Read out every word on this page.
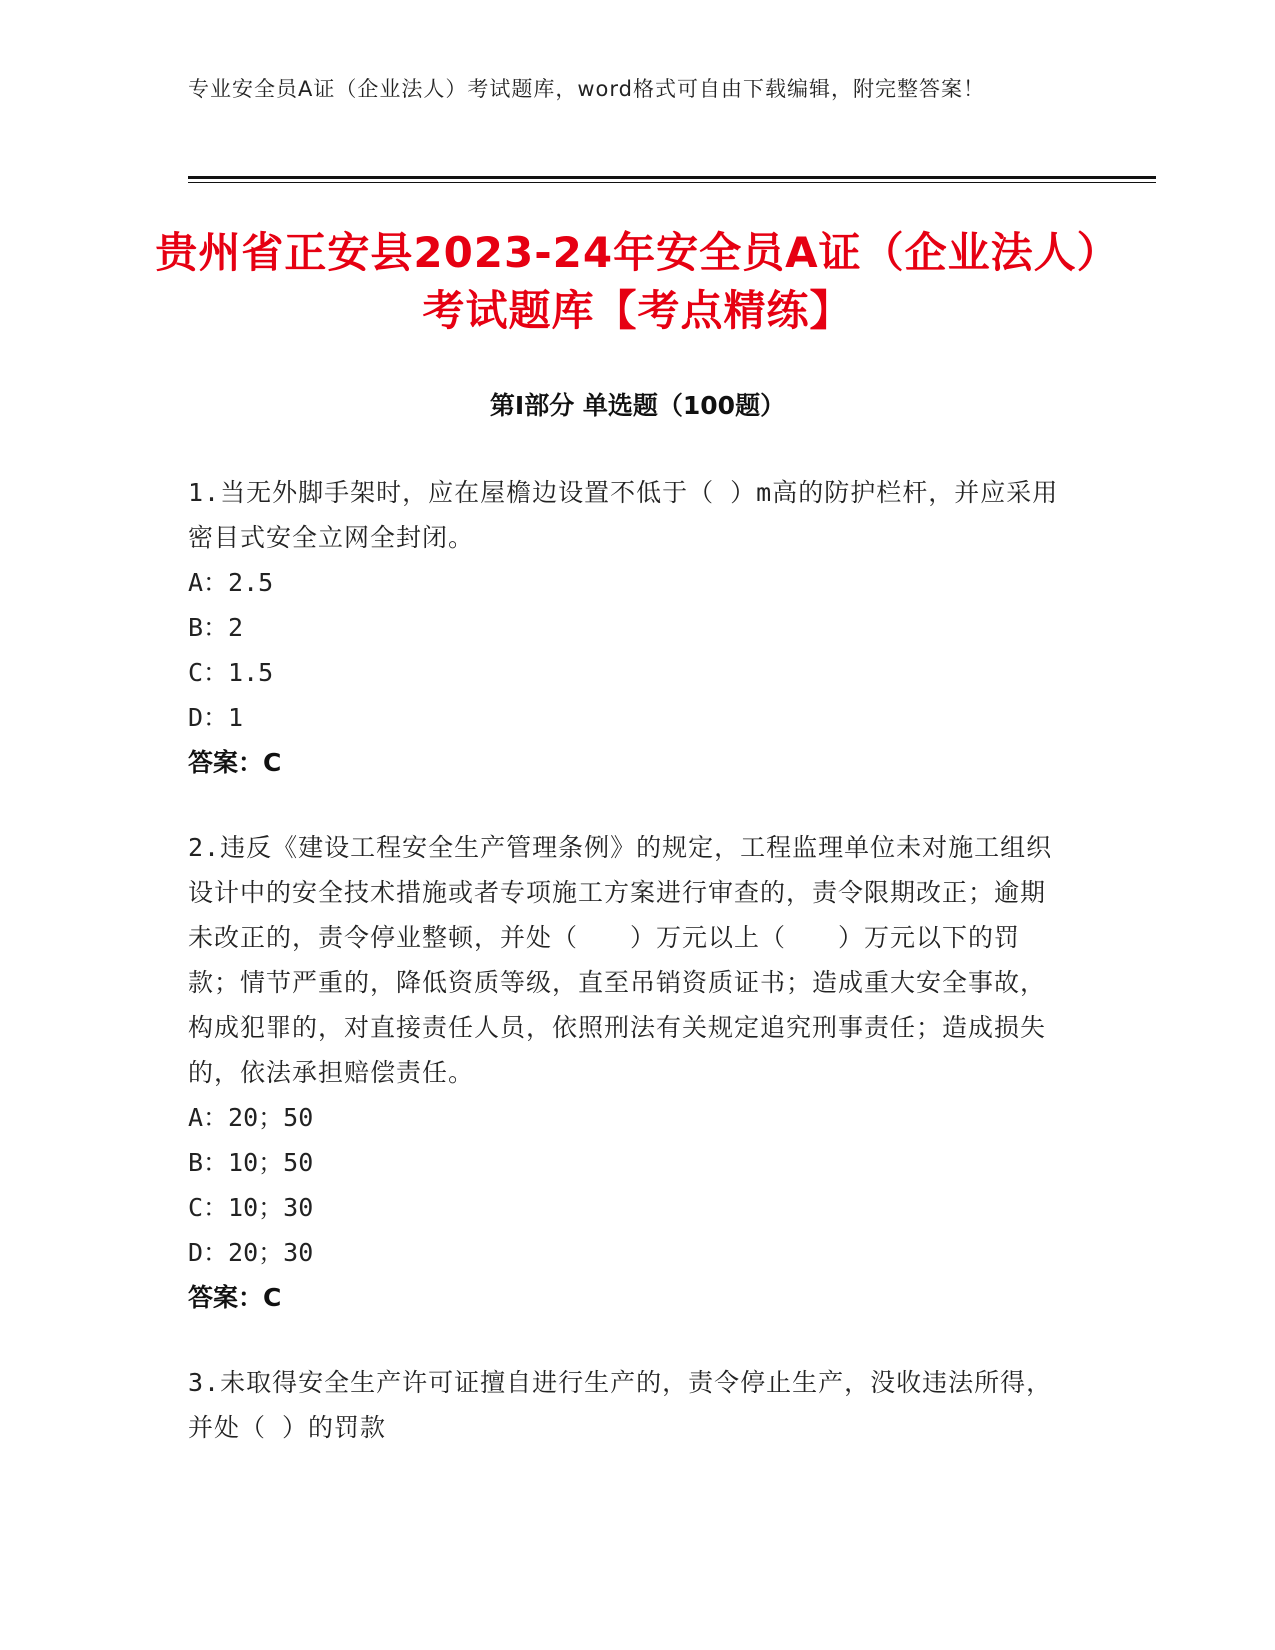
专业安全员A证（企业法人）考试题库，word格式可自由下载编辑，附完整答案！
贵州省正安县2023-24年安全员A证（企业法人）考试题库【考点精练】
第I部分 单选题（100题）

1.当无外脚手架时，应在屋檐边设置不低于（ ）m高的防护栏杆，并应采用密目式安全立网全封闭。

A：2.5

B：2

C：1.5

D：1

答案：C

2.违反《建设工程安全生产管理条例》的规定，工程监理单位未对施工组织设计中的安全技术措施或者专项施工方案进行审查的，责令限期改正；逾期未改正的，责令停业整顿，并处（　　）万元以上（　　）万元以下的罚款；情节严重的，降低资质等级，直至吊销资质证书；造成重大安全事故，构成犯罪的，对直接责任人员，依照刑法有关规定追究刑事责任；造成损失的，依法承担赔偿责任。

A：20；50

B：10；50

C：10；30

D：20；30

答案：C

3.未取得安全生产许可证擅自进行生产的，责令停止生产，没收违法所得，并处（ ）的罚款
